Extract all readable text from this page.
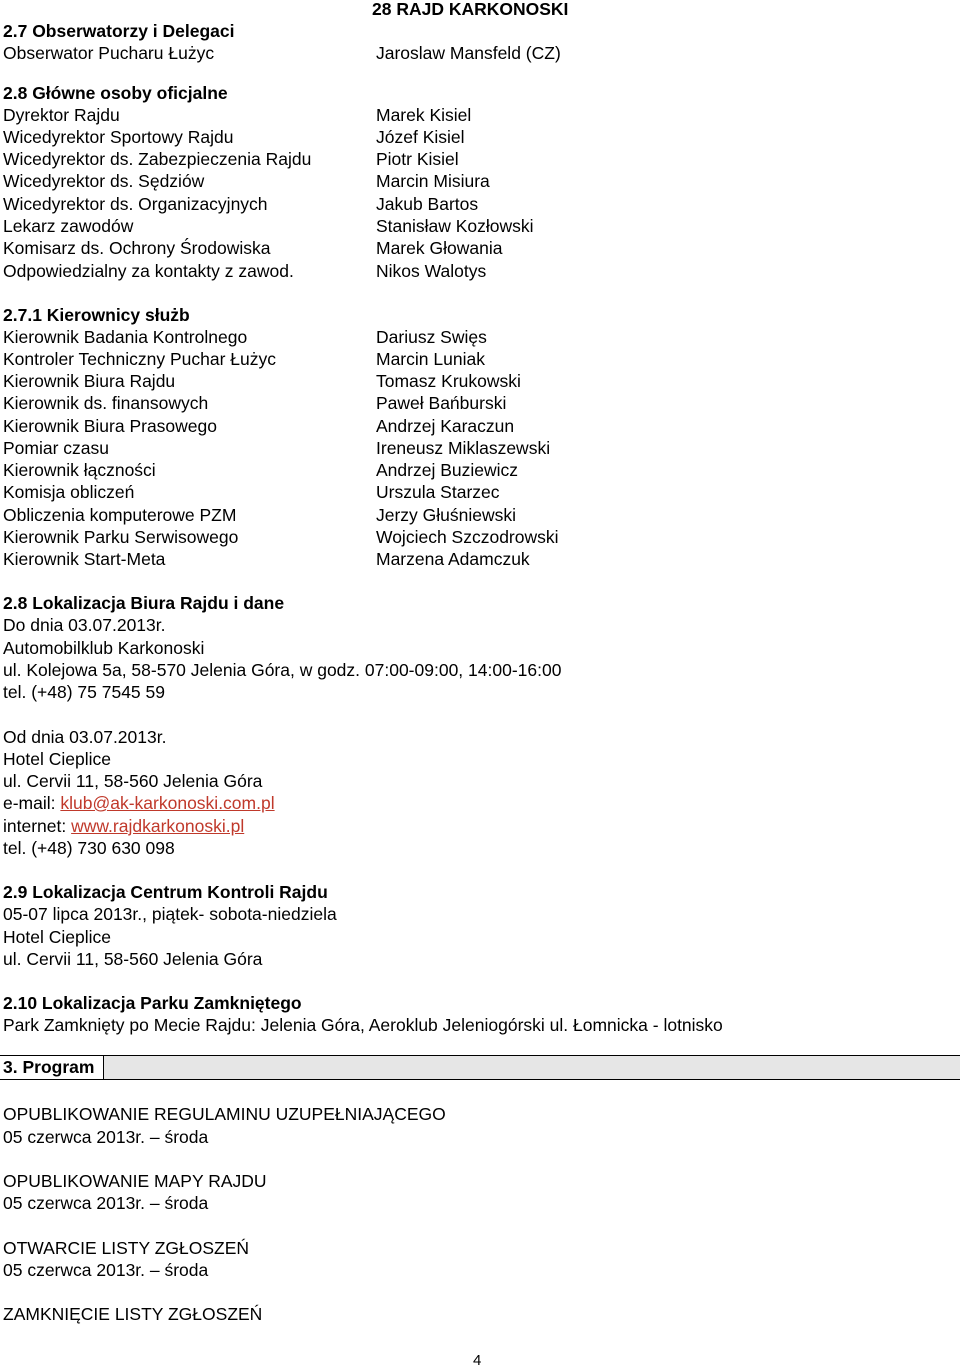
2.7 Obserwatorzy i Delegaci
Obserwator Pucharu Łużyc
2.8 Główne osoby oficjalne
Dyrektor Rajdu
Wicedyrektor Sportowy Rajdu
Wicedyrektor ds. Zabezpieczenia Rajdu
Wicedyrektor ds. Sędziów
Wicedyrektor ds. Organizacyjnych
Lekarz zawodów
Komisarz ds. Ochrony Środowiska
Odpowiedzialny za kontakty z zawod.
2.7.1 Kierownicy służb
Kierownik Badania Kontrolnego
Kontroler Techniczny Puchar Łużyc
Kierownik Biura Rajdu
Kierownik ds. finansowych
Kierownik Biura Prasowego
Pomiar czasu
Kierownik łączności
Komisja obliczeń
Obliczenia komputerowe PZM
Kierownik Parku Serwisowego
Kierownik Start-Meta
28 RAJD KARKONOSKI
Jaroslaw Mansfeld (CZ)
Marek Kisiel
Józef Kisiel
Piotr Kisiel
Marcin Misiura
Jakub Bartos
Stanisław Kozłowski
Marek Głowania
Nikos Walotys
Dariusz Swięs
Marcin Luniak
Tomasz Krukowski
Paweł Bańburski
Andrzej Karaczun
Ireneusz Miklaszewski
Andrzej Buziewicz
Urszula Starzec
Jerzy Głuśniewski
Wojciech Szczodrowski
Marzena Adamczuk
2.8 Lokalizacja Biura Rajdu i dane
Do dnia 03.07.2013r.
Automobilklub Karkonoski
ul. Kolejowa 5a, 58-570 Jelenia Góra, w godz. 07:00-09:00, 14:00-16:00
tel. (+48) 75 7545 59
Od dnia 03.07.2013r.
Hotel Cieplice
ul. Cervii 11, 58-560 Jelenia Góra
e-mail: klub@ak-karkonoski.com.pl
internet: www.rajdkarkonoski.pl
tel. (+48) 730 630 098
2.9 Lokalizacja Centrum Kontroli Rajdu
05-07 lipca 2013r., piątek- sobota-niedziela
Hotel Cieplice
ul. Cervii 11, 58-560 Jelenia Góra
2.10 Lokalizacja Parku Zamkniętego
Park Zamknięty po Mecie Rajdu: Jelenia Góra, Aeroklub Jeleniogórski ul. Łomnicka - lotnisko
3. Program
OPUBLIKOWANIE REGULAMINU UZUPEŁNIAJĄCEGO
05 czerwca 2013r. – środa
OPUBLIKOWANIE MAPY RAJDU
05 czerwca 2013r. – środa
OTWARCIE LISTY ZGŁOSZEŃ
05 czerwca 2013r. – środa
ZAMKNIĘCIE LISTY ZGŁOSZEŃ
4
